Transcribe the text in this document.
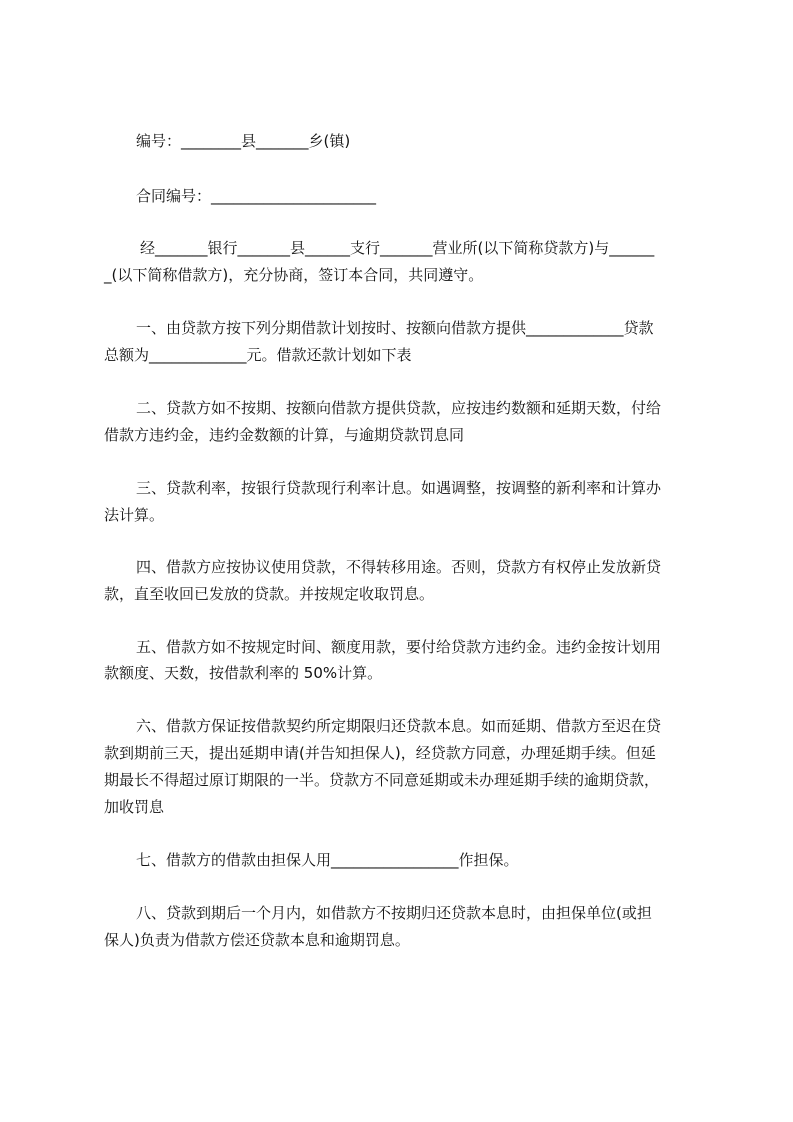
编号：________县_______乡(镇)
合同编号：______________________
经_______银行_______县______支行_______营业所(以下简称贷款方)与______
_(以下简称借款方)，充分协商，签订本合同，共同遵守。
一、由贷款方按下列分期借款计划按时、按额向借款方提供_____________贷款
总额为_____________元。借款还款计划如下表
二、贷款方如不按期、按额向借款方提供贷款，应按违约数额和延期天数，付给
借款方违约金，违约金数额的计算，与逾期贷款罚息同
三、贷款利率，按银行贷款现行利率计息。如遇调整，按调整的新利率和计算办
法计算。
四、借款方应按协议使用贷款，不得转移用途。否则，贷款方有权停止发放新贷
款，直至收回已发放的贷款。并按规定收取罚息。
五、借款方如不按规定时间、额度用款，要付给贷款方违约金。违约金按计划用
款额度、天数，按借款利率的 50%计算。
六、借款方保证按借款契约所定期限归还贷款本息。如而延期、借款方至迟在贷
款到期前三天，提出延期申请(并告知担保人)，经贷款方同意，办理延期手续。但延
期最长不得超过原订期限的一半。贷款方不同意延期或未办理延期手续的逾期贷款，
加收罚息
七、借款方的借款由担保人用_________________作担保。
八、贷款到期后一个月内，如借款方不按期归还贷款本息时，由担保单位(或担
保人)负责为借款方偿还贷款本息和逾期罚息。
